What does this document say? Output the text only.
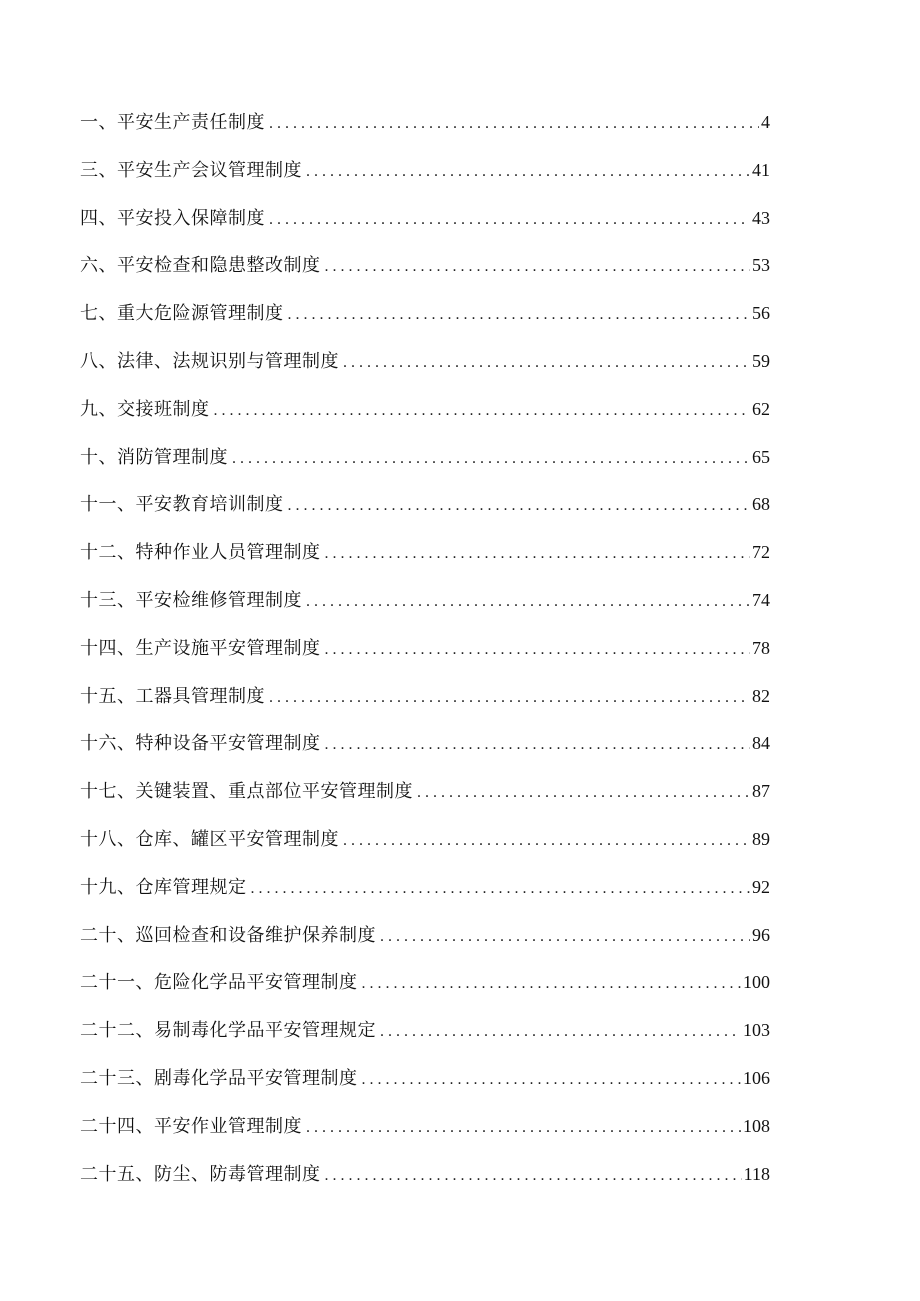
一、平安生产责任制度 . . .	4
三、平安生产会议管理制度 . . .	41
四、平安投入保障制度 . . .	43
六、平安检查和隐患整改制度 . . .	53
七、重大危险源管理制度 . . .	56
八、法律、法规识别与管理制度 . . .	59
九、交接班制度 . . .	62
十、消防管理制度 . . .	65
十一、平安教育培训制度 . . .	68
十二、特种作业人员管理制度 . . .	72
十三、平安检维修管理制度 . . .	74
十四、生产设施平安管理制度 . . .	78
十五、工器具管理制度 . . .	82
十六、特种设备平安管理制度 . . .	84
十七、关键装置、重点部位平安管理制度 . . .	87
十八、仓库、罐区平安管理制度 . . .	89
十九、仓库管理规定 . . .	92
二十、巡回检查和设备维护保养制度 . . .	96
二十一、危险化学品平安管理制度 . . .	100
二十二、易制毒化学品平安管理规定 . . .	103
二十三、剧毒化学品平安管理制度 . . .	106
二十四、平安作业管理制度 . . .	108
二十五、防尘、防毒管理制度 . . .	118
